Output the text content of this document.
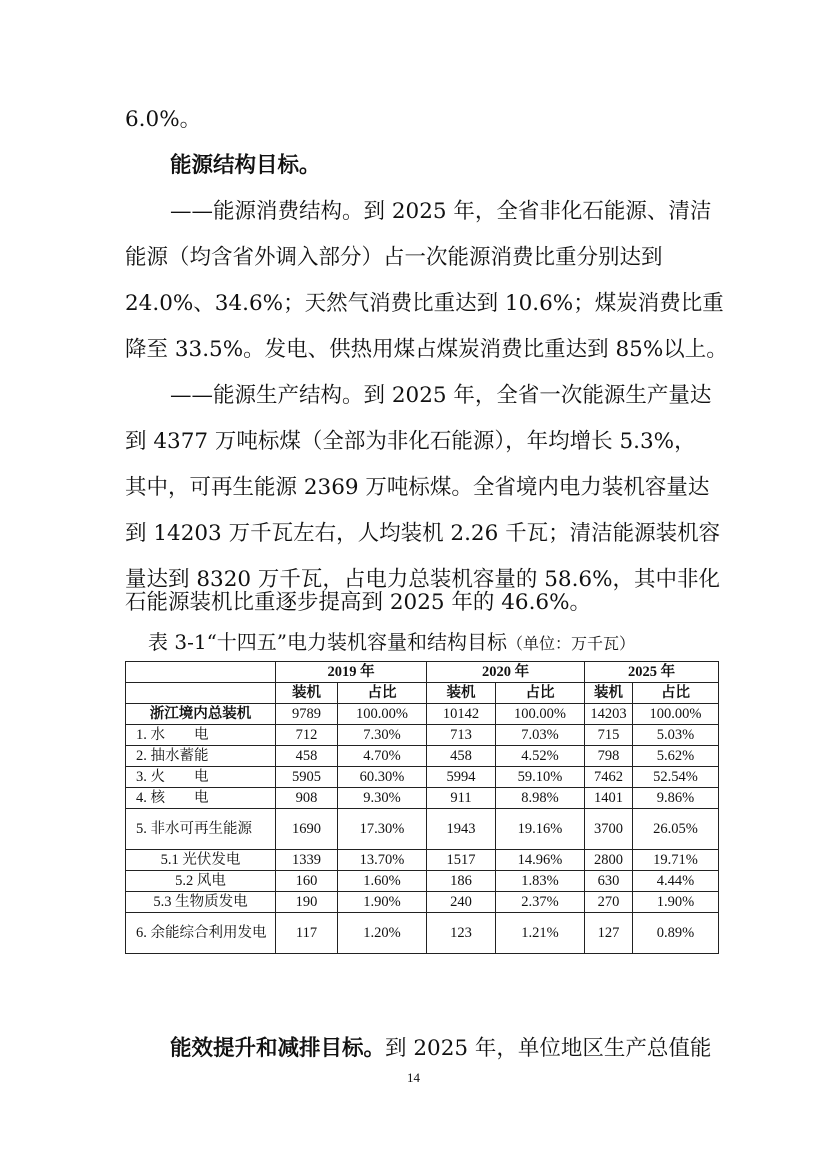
6.0%。

能源结构目标。

——能源消费结构。到 2025 年，全省非化石能源、清洁

能源（均含省外调入部分）占一次能源消费比重分别达到

24.0%、34.6%；天然气消费比重达到 10.6%；煤炭消费比重

降至 33.5%。发电、供热用煤占煤炭消费比重达到 85%以上。

——能源生产结构。到 2025 年，全省一次能源生产量达

到 4377 万吨标煤（全部为非化石能源），年均增长 5.3%，

其中，可再生能源 2369 万吨标煤。全省境内电力装机容量达

到 14203 万千瓦左右，人均装机 2.26 千瓦；清洁能源装机容

量达到 8320 万千瓦，占电力总装机容量的 58.6%，其中非化

石能源装机比重逐步提高到 2025 年的 46.6%。

表 3-1“十四五”电力装机容量和结构目标（单位：万千瓦）
	2019 年		2020 年		2025 年	
	装机	占比	装机	占比	装机	占比
浙江境内总装机	9789	100.00%	10142	100.00%	14203	100.00%
1. 水　　电	712	7.30%	713	7.03%	715	5.03%
2. 抽水蓄能	458	4.70%	458	4.52%	798	5.62%
3. 火　　电	5905	60.30%	5994	59.10%	7462	52.54%
4. 核　　电	908	9.30%	911	8.98%	1401	9.86%
5. 非水可再生能源	1690	17.30%	1943	19.16%	3700	26.05%
5.1 光伏发电	1339	13.70%	1517	14.96%	2800	19.71%
5.2 风电	160	1.60%	186	1.83%	630	4.44%
5.3 生物质发电	190	1.90%	240	2.37%	270	1.90%
6. 余能综合利用发电	117	1.20%	123	1.21%	127	0.89%

能效提升和减排目标。到 2025 年，单位地区生产总值能

14
